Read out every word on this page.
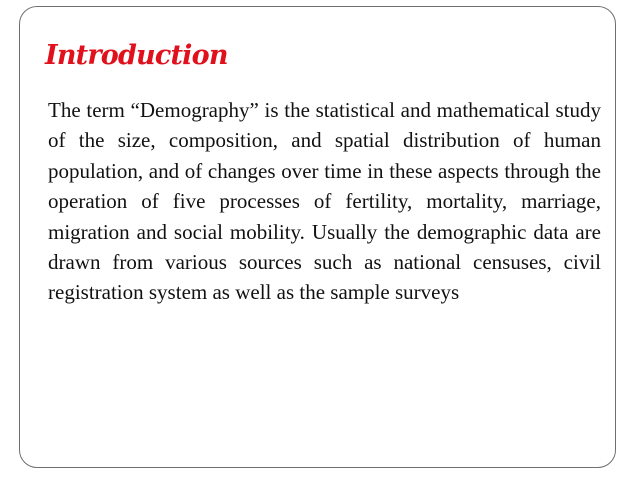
Introduction

The term “Demography” is the statistical and mathematical study of the size, composition, and spatial distribution of human population, and of changes over time in these aspects through the operation of five processes of fertility, mortality, marriage, migration and social mobility. Usually the demographic data are drawn from various sources such as national censuses, civil registration system as well as the sample surveys
